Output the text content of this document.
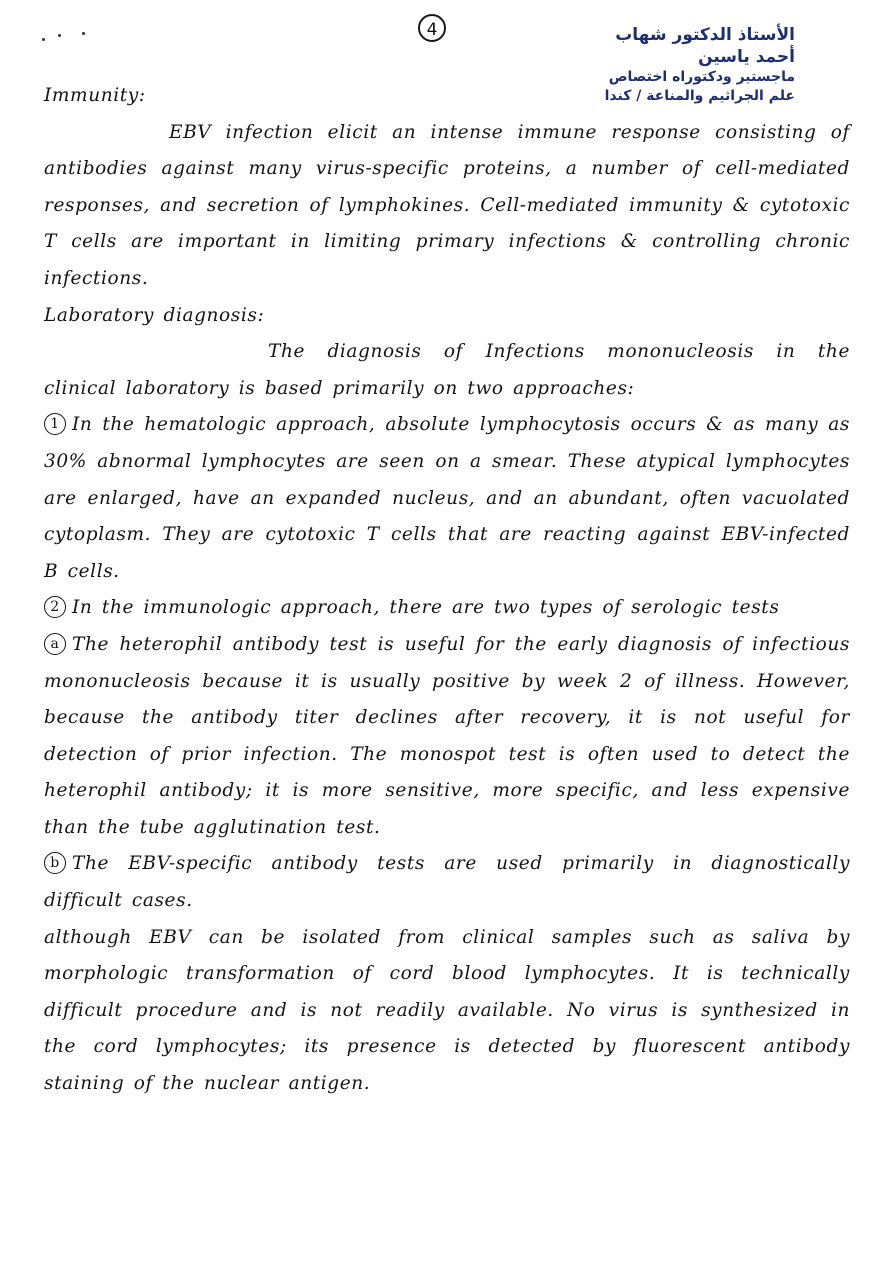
4	الأستاذ الدكتور شهاب أحمد ياسين
ماجستير ودكتوراه اختصاص
علم الجراثيم والمناعة / كندا
Immunity:

EBV infection elicit an intense immune response consisting of antibodies against many virus-specific proteins, a number of cell-mediated responses, and secretion of lymphokines. Cell-mediated immunity & cytotoxic T cells are important in limiting primary infections & controlling chronic infections.

Laboratory diagnosis:

The diagnosis of Infections mononucleosis in the clinical laboratory is based primarily on two approaches:

1 In the hematologic approach, absolute lymphocytosis occurs & as many as 30% abnormal lymphocytes are seen on a smear. These atypical lymphocytes are enlarged, have an expanded nucleus, and an abundant, often vacuolated cytoplasm. They are cytotoxic T cells that are reacting against EBV-infected B cells.

2 In the immunologic approach, there are two types of serologic tests

a The heterophil antibody test is useful for the early diagnosis of infectious mononucleosis because it is usually positive by week 2 of illness. However, because the antibody titer declines after recovery, it is not useful for detection of prior infection. The monospot test is often used to detect the heterophil antibody; it is more sensitive, more specific, and less expensive than the tube agglutination test.

b The EBV-specific antibody tests are used primarily in diagnostically difficult cases.

although EBV can be isolated from clinical samples such as saliva by morphologic transformation of cord blood lymphocytes. It is technically difficult procedure and is not readily available. No virus is synthesized in the cord lymphocytes; its presence is detected by fluorescent antibody staining of the nuclear antigen.
